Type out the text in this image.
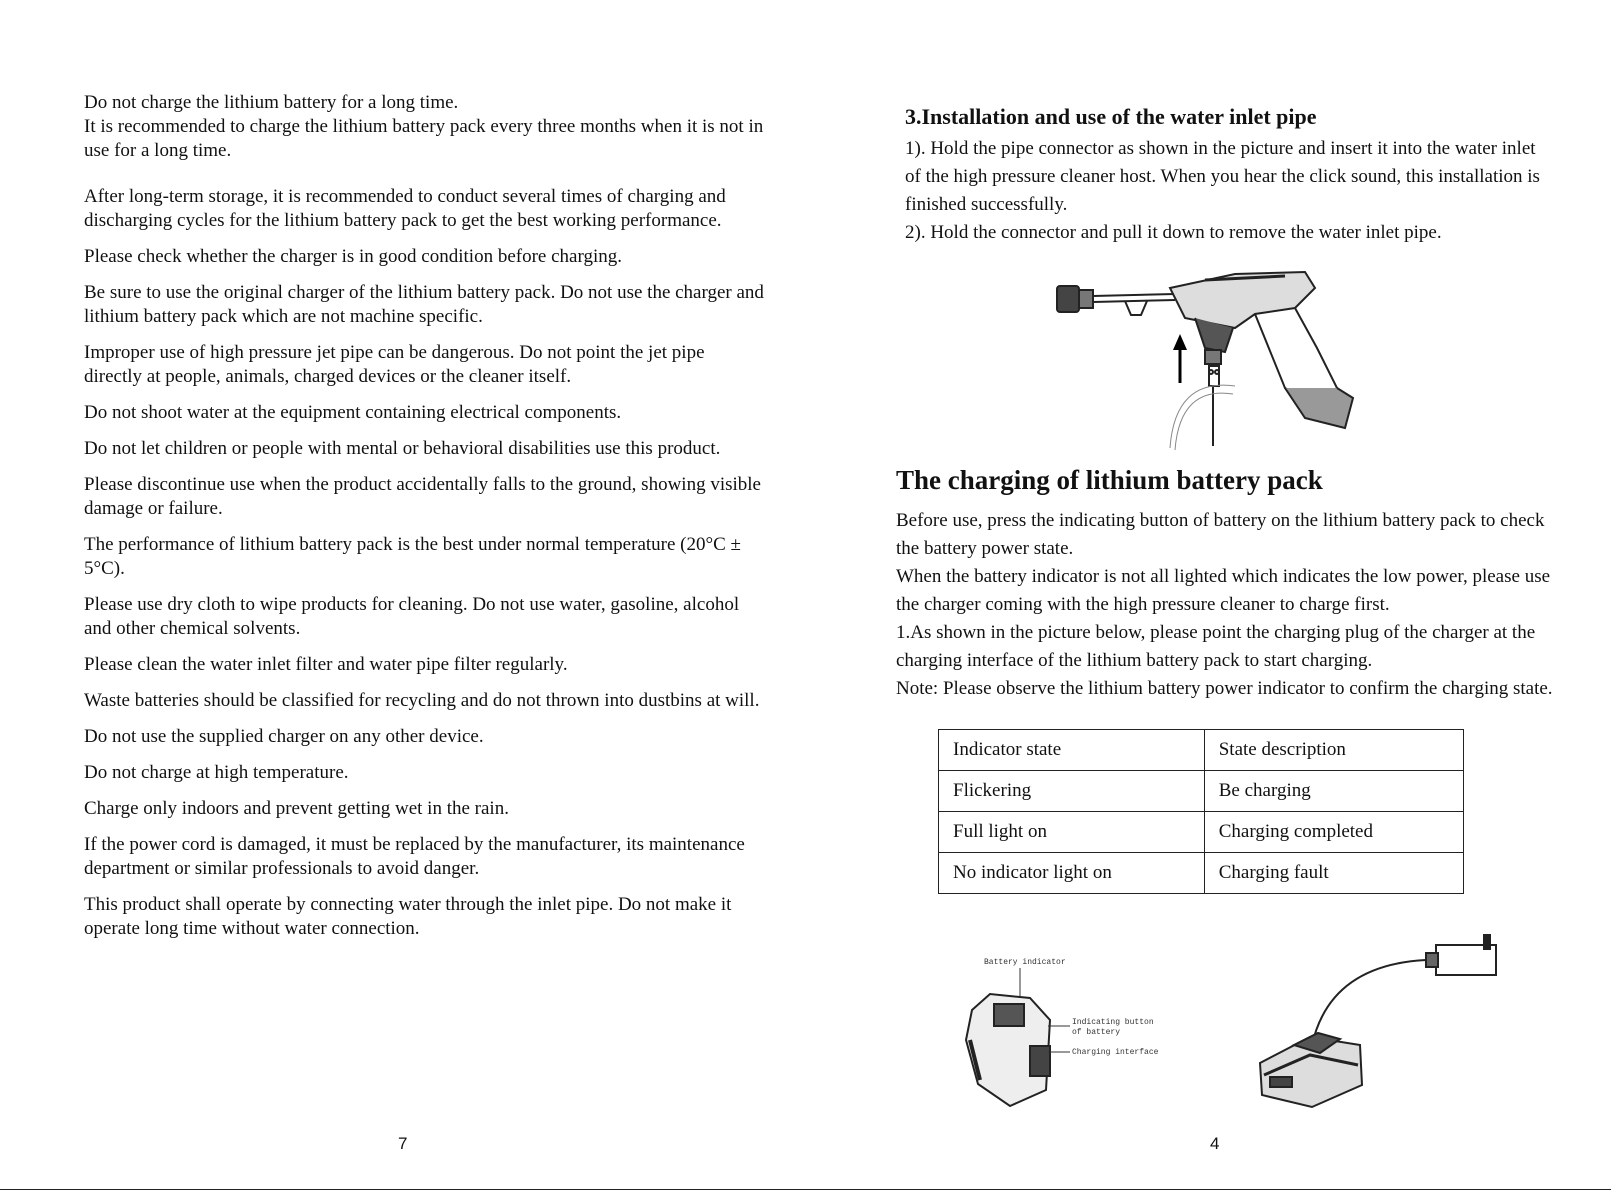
Do not charge the lithium battery for a long time.

It is recommended to charge the lithium battery pack every three months when it is not in use for a long time.

After long-term storage, it is recommended to conduct several times of charging and discharging cycles for the lithium battery pack to get the best working performance.

Please check whether the charger is in good condition before charging.

Be sure to use the original charger of the lithium battery pack. Do not use the charger and lithium battery pack which are not machine specific.

Improper use of high pressure jet pipe can be dangerous. Do not point the jet pipe directly at people, animals, charged devices or the cleaner itself.

Do not shoot water at the equipment containing electrical components.

Do not let children or people with mental or behavioral disabilities use this product.

Please discontinue use when the product accidentally falls to the ground, showing visible damage or failure.

The performance of lithium battery pack is the best under normal temperature (20°C ± 5°C).

Please use dry cloth to wipe products for cleaning. Do not use water, gasoline, alcohol and other chemical solvents.

Please clean the water inlet filter and water pipe filter regularly.

Waste batteries should be classified for recycling and do not thrown into dustbins at will.

Do not use the supplied charger on any other device.

Do not charge at high temperature.

Charge only indoors and prevent getting wet in the rain.

If the power cord is damaged, it must be replaced by the manufacturer, its maintenance department or similar professionals to avoid danger.

This product shall operate by connecting water through the inlet pipe. Do not make it operate long time without water connection.

7
3.Installation and use of the water inlet pipe

1). Hold the pipe connector as shown in the picture and insert it into the water inlet of the high pressure cleaner host. When you hear the click sound, this installation is finished successfully.

2). Hold the connector and pull it down to remove the water inlet pipe.

The charging of lithium battery pack
Before use, press the indicating button of battery on the lithium battery pack to check the battery power state.
When the battery indicator is not all lighted which indicates the low power, please use the charger coming with the high pressure cleaner to charge first.
1.As shown in the picture below, please point the charging plug of the charger at the charging interface of the lithium battery pack to start charging.
Note: Please observe the lithium battery power indicator to confirm the charging state.
Indicator state	State description
Flickering	Be charging
Full light on	Charging completed
No indicator light on	Charging fault
Battery indicator
Indicating button
of battery
Charging interface
4
